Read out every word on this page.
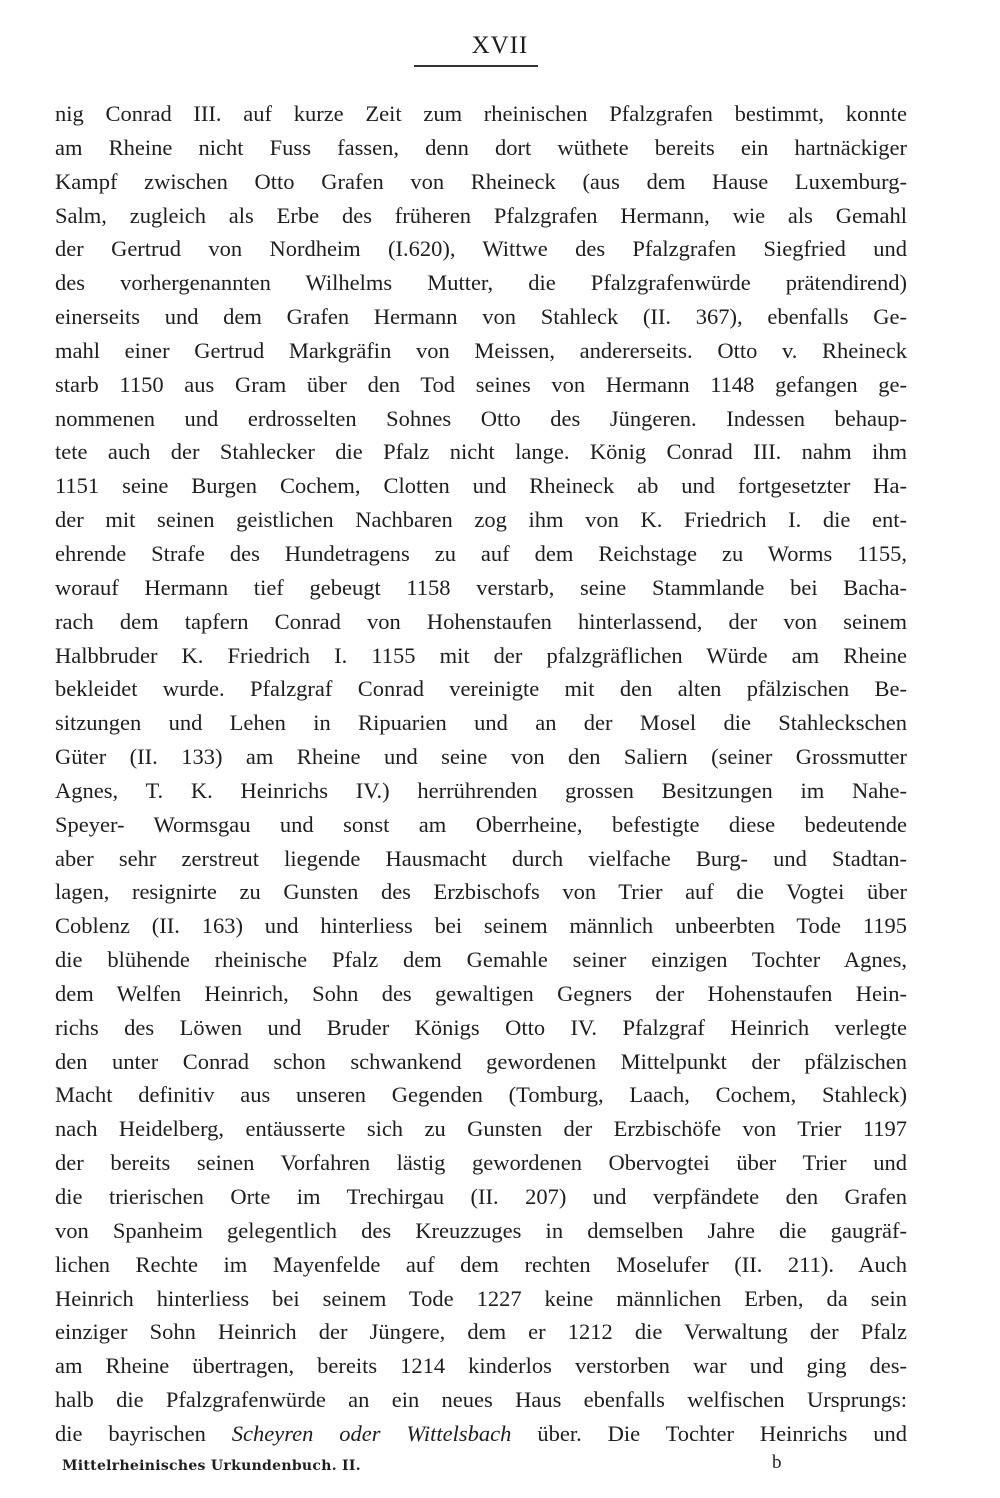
XVII
nig Conrad III. auf kurze Zeit zum rheinischen Pfalzgrafen bestimmt, konnte
am Rheine nicht Fuss fassen, denn dort wüthete bereits ein hartnäckiger
Kampf zwischen Otto Grafen von Rheineck (aus dem Hause Luxemburg-
Salm, zugleich als Erbe des früheren Pfalzgrafen Hermann, wie als Gemahl
der Gertrud von Nordheim (I.620), Wittwe des Pfalzgrafen Siegfried und
des vorhergenannten Wilhelms Mutter, die Pfalzgrafenwürde prätendirend)
einerseits und dem Grafen Hermann von Stahleck (II. 367), ebenfalls Ge-
mahl einer Gertrud Markgräfin von Meissen, andererseits. Otto v. Rheineck
starb 1150 aus Gram über den Tod seines von Hermann 1148 gefangen ge-
nommenen und erdrosselten Sohnes Otto des Jüngeren. Indessen behaup-
tete auch der Stahlecker die Pfalz nicht lange. König Conrad III. nahm ihm
1151 seine Burgen Cochem, Clotten und Rheineck ab und fortgesetzter Ha-
der mit seinen geistlichen Nachbaren zog ihm von K. Friedrich I. die ent-
ehrende Strafe des Hundetragens zu auf dem Reichstage zu Worms 1155,
worauf Hermann tief gebeugt 1158 verstarb, seine Stammlande bei Bacha-
rach dem tapfern Conrad von Hohenstaufen hinterlassend, der von seinem
Halbbruder K. Friedrich I. 1155 mit der pfalzgräflichen Würde am Rheine
bekleidet wurde. Pfalzgraf Conrad vereinigte mit den alten pfälzischen Be-
sitzungen und Lehen in Ripuarien und an der Mosel die Stahleckschen
Güter (II. 133) am Rheine und seine von den Saliern (seiner Grossmutter
Agnes, T. K. Heinrichs IV.) herrührenden grossen Besitzungen im Nahe-
Speyer- Wormsgau und sonst am Oberrheine, befestigte diese bedeutende
aber sehr zerstreut liegende Hausmacht durch vielfache Burg- und Stadtan-
lagen, resignirte zu Gunsten des Erzbischofs von Trier auf die Vogtei über
Coblenz (II. 163) und hinterliess bei seinem männlich unbeerbten Tode 1195
die blühende rheinische Pfalz dem Gemahle seiner einzigen Tochter Agnes,
dem Welfen Heinrich, Sohn des gewaltigen Gegners der Hohenstaufen Hein-
richs des Löwen und Bruder Königs Otto IV. Pfalzgraf Heinrich verlegte
den unter Conrad schon schwankend gewordenen Mittelpunkt der pfälzischen
Macht definitiv aus unseren Gegenden (Tomburg, Laach, Cochem, Stahleck)
nach Heidelberg, entäusserte sich zu Gunsten der Erzbischöfe von Trier 1197
der bereits seinen Vorfahren lästig gewordenen Obervogtei über Trier und
die trierischen Orte im Trechirgau (II. 207) und verpfändete den Grafen
von Spanheim gelegentlich des Kreuzzuges in demselben Jahre die gaugräf-
lichen Rechte im Mayenfelde auf dem rechten Moselufer (II. 211). Auch
Heinrich hinterliess bei seinem Tode 1227 keine männlichen Erben, da sein
einziger Sohn Heinrich der Jüngere, dem er 1212 die Verwaltung der Pfalz
am Rheine übertragen, bereits 1214 kinderlos verstorben war und ging des-
halb die Pfalzgrafenwürde an ein neues Haus ebenfalls welfischen Ursprungs:
die bayrischen Scheyren oder Wittelsbach über. Die Tochter Heinrichs und
Mittelrheinisches Urkundenbuch. II.	b
